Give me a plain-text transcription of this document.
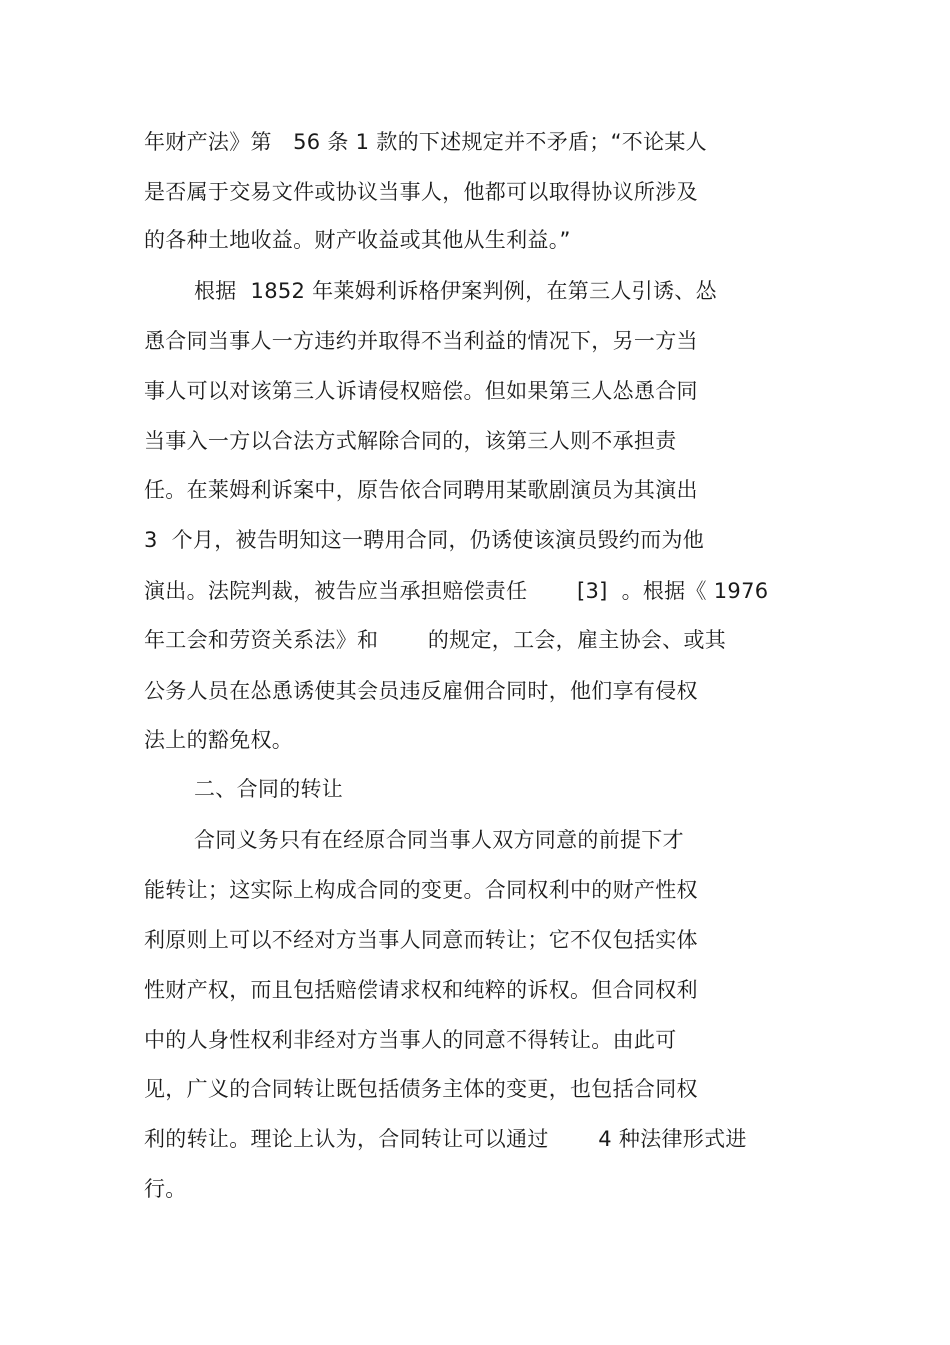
年财产法》第　56 条 1 款的下述规定并不矛盾；“不论某人
是否属于交易文件或协议当事人，他都可以取得协议所涉及
的各种土地收益。财产收益或其他从生利益。”
根据  1852 年莱姆利诉格伊案判例，在第三人引诱、怂
恿合同当事人一方违约并取得不当利益的情况下，另一方当
事人可以对该第三人诉请侵权赔偿。但如果第三人怂恿合同
当事入一方以合法方式解除合同的，该第三人则不承担责
任。在莱姆利诉案中，原告依合同聘用某歌剧演员为其演出
3  个月，被告明知这一聘用合同，仍诱使该演员毁约而为他
演出。法院判裁，被告应当承担赔偿责任　　 [3]  。根据《 1976
年工会和劳资关系法》和　　 的规定，工会，雇主协会、或其
公务人员在怂恿诱使其会员违反雇佣合同时，他们享有侵权
法上的豁免权。
二、合同的转让
合同义务只有在经原合同当事人双方同意的前提下才
能转让；这实际上构成合同的变更。合同权利中的财产性权
利原则上可以不经对方当事人同意而转让；它不仅包括实体
性财产权，而且包括赔偿请求权和纯粹的诉权。但合同权利
中的人身性权利非经对方当事人的同意不得转让。由此可
见，广义的合同转让既包括债务主体的变更，也包括合同权
利的转让。理论上认为，合同转让可以通过　　 4 种法律形式进
行。
